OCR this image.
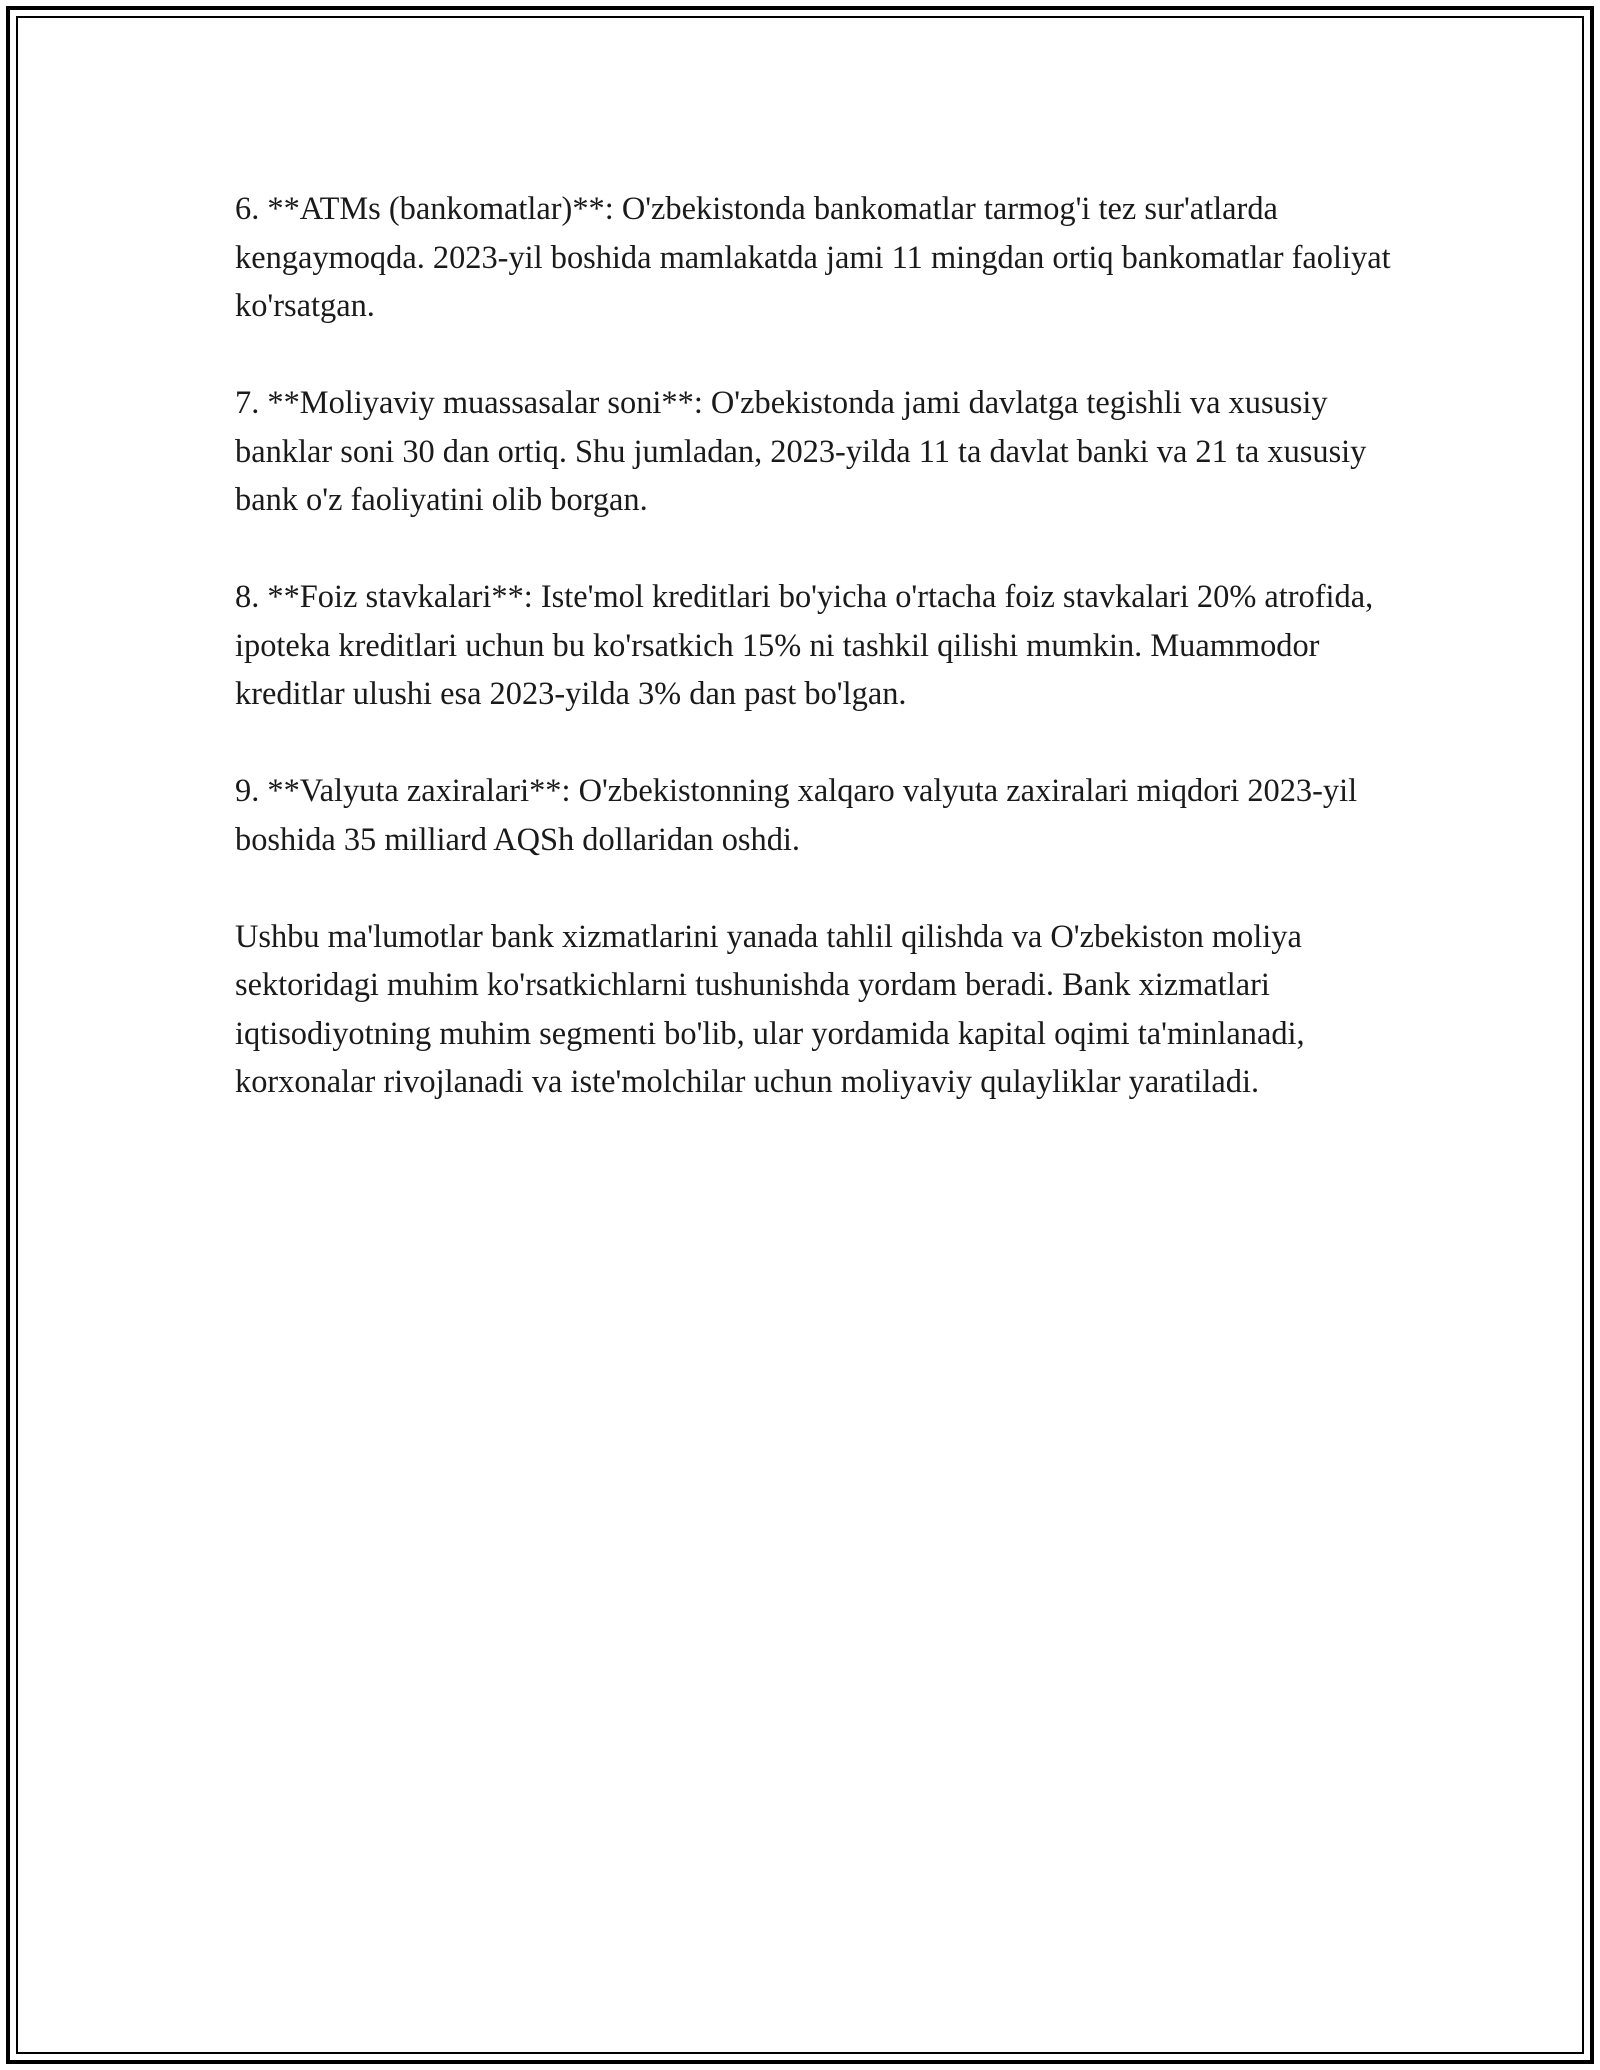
6. **ATMs (bankomatlar)**: O'zbekistonda bankomatlar tarmog'i tez sur'atlarda kengaymoqda. 2023-yil boshida mamlakatda jami 11 mingdan ortiq bankomatlar faoliyat ko'rsatgan.

7. **Moliyaviy muassasalar soni**: O'zbekistonda jami davlatga tegishli va xususiy banklar soni 30 dan ortiq. Shu jumladan, 2023-yilda 11 ta davlat banki va 21 ta xususiy bank o'z faoliyatini olib borgan.

8. **Foiz stavkalari**: Iste'mol kreditlari bo'yicha o'rtacha foiz stavkalari 20% atrofida, ipoteka kreditlari uchun bu ko'rsatkich 15% ni tashkil qilishi mumkin. Muammodor kreditlar ulushi esa 2023-yilda 3% dan past bo'lgan.

9. **Valyuta zaxiralari**: O'zbekistonning xalqaro valyuta zaxiralari miqdori 2023-yil boshida 35 milliard AQSh dollaridan oshdi.

Ushbu ma'lumotlar bank xizmatlarini yanada tahlil qilishda va O'zbekiston moliya sektoridagi muhim ko'rsatkichlarni tushunishda yordam beradi. Bank xizmatlari iqtisodiyotning muhim segmenti bo'lib, ular yordamida kapital oqimi ta'minlanadi, korxonalar rivojlanadi va iste'molchilar uchun moliyaviy qulayliklar yaratiladi.
